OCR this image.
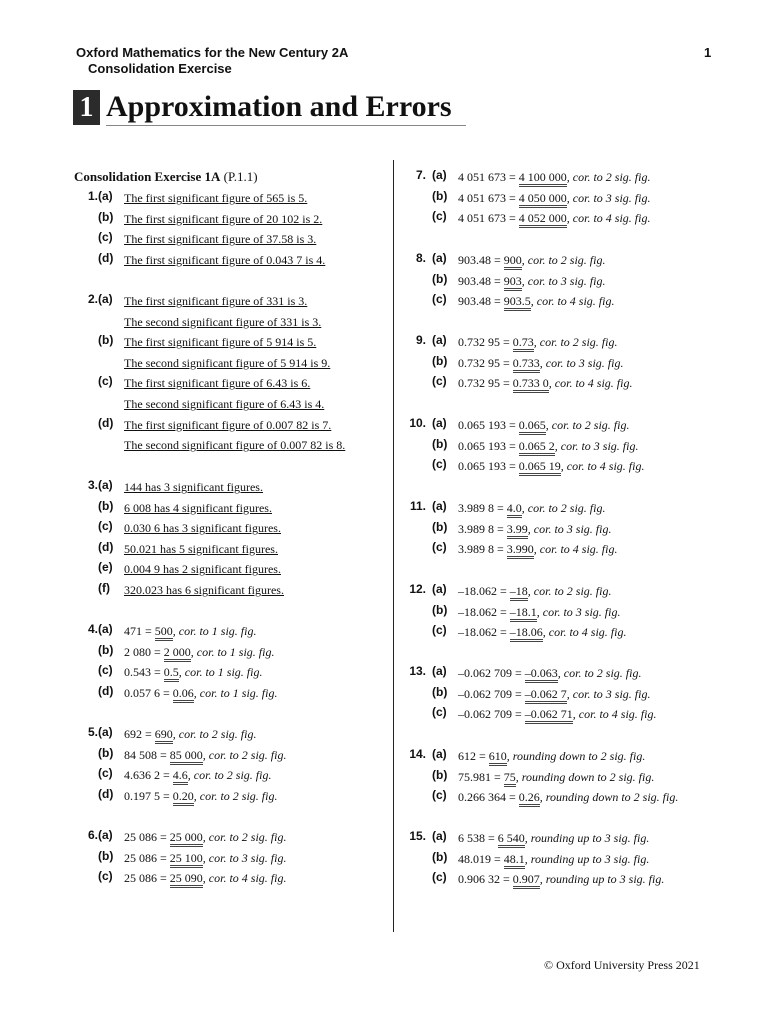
Oxford Mathematics for the New Century 2A
Consolidation Exercise
1
1 Approximation and Errors
Consolidation Exercise 1A (P.1.1)
1. (a) The first significant figure of 565 is 5.
(b) The first significant figure of 20 102 is 2.
(c) The first significant figure of 37.58 is 3.
(d) The first significant figure of 0.043 7 is 4.
2. (a) The first significant figure of 331 is 3.
The second significant figure of 331 is 3.
(b) The first significant figure of 5 914 is 5.
The second significant figure of 5 914 is 9.
(c) The first significant figure of 6.43 is 6.
The second significant figure of 6.43 is 4.
(d) The first significant figure of 0.007 82 is 7.
The second significant figure of 0.007 82 is 8.
3. (a) 144 has 3 significant figures.
(b) 6 008 has 4 significant figures.
(c) 0.030 6 has 3 significant figures.
(d) 50.021 has 5 significant figures.
(e) 0.004 9 has 2 significant figures.
(f) 320.023 has 6 significant figures.
4. (a) 471 = 500, cor. to 1 sig. fig.
(b) 2 080 = 2 000, cor. to 1 sig. fig.
(c) 0.543 = 0.5, cor. to 1 sig. fig.
(d) 0.057 6 = 0.06, cor. to 1 sig. fig.
5. (a) 692 = 690, cor. to 2 sig. fig.
(b) 84 508 = 85 000, cor. to 2 sig. fig.
(c) 4.636 2 = 4.6, cor. to 2 sig. fig.
(d) 0.197 5 = 0.20, cor. to 2 sig. fig.
6. (a) 25 086 = 25 000, cor. to 2 sig. fig.
(b) 25 086 = 25 100, cor. to 3 sig. fig.
(c) 25 086 = 25 090, cor. to 4 sig. fig.
7. (a) 4 051 673 = 4 100 000, cor. to 2 sig. fig.
(b) 4 051 673 = 4 050 000, cor. to 3 sig. fig.
(c) 4 051 673 = 4 052 000, cor. to 4 sig. fig.
8. (a) 903.48 = 900, cor. to 2 sig. fig.
(b) 903.48 = 903, cor. to 3 sig. fig.
(c) 903.48 = 903.5, cor. to 4 sig. fig.
9. (a) 0.732 95 = 0.73, cor. to 2 sig. fig.
(b) 0.732 95 = 0.733, cor. to 3 sig. fig.
(c) 0.732 95 = 0.733 0, cor. to 4 sig. fig.
10. (a) 0.065 193 = 0.065, cor. to 2 sig. fig.
(b) 0.065 193 = 0.065 2, cor. to 3 sig. fig.
(c) 0.065 193 = 0.065 19, cor. to 4 sig. fig.
11. (a) 3.989 8 = 4.0, cor. to 2 sig. fig.
(b) 3.989 8 = 3.99, cor. to 3 sig. fig.
(c) 3.989 8 = 3.990, cor. to 4 sig. fig.
12. (a) –18.062 = –18, cor. to 2 sig. fig.
(b) –18.062 = –18.1, cor. to 3 sig. fig.
(c) –18.062 = –18.06, cor. to 4 sig. fig.
13. (a) –0.062 709 = –0.063, cor. to 2 sig. fig.
(b) –0.062 709 = –0.062 7, cor. to 3 sig. fig.
(c) –0.062 709 = –0.062 71, cor. to 4 sig. fig.
14. (a) 612 = 610, rounding down to 2 sig. fig.
(b) 75.981 = 75, rounding down to 2 sig. fig.
(c) 0.266 364 = 0.26, rounding down to 2 sig. fig.
15. (a) 6 538 = 6 540, rounding up to 3 sig. fig.
(b) 48.019 = 48.1, rounding up to 3 sig. fig.
(c) 0.906 32 = 0.907, rounding up to 3 sig. fig.
© Oxford University Press 2021
